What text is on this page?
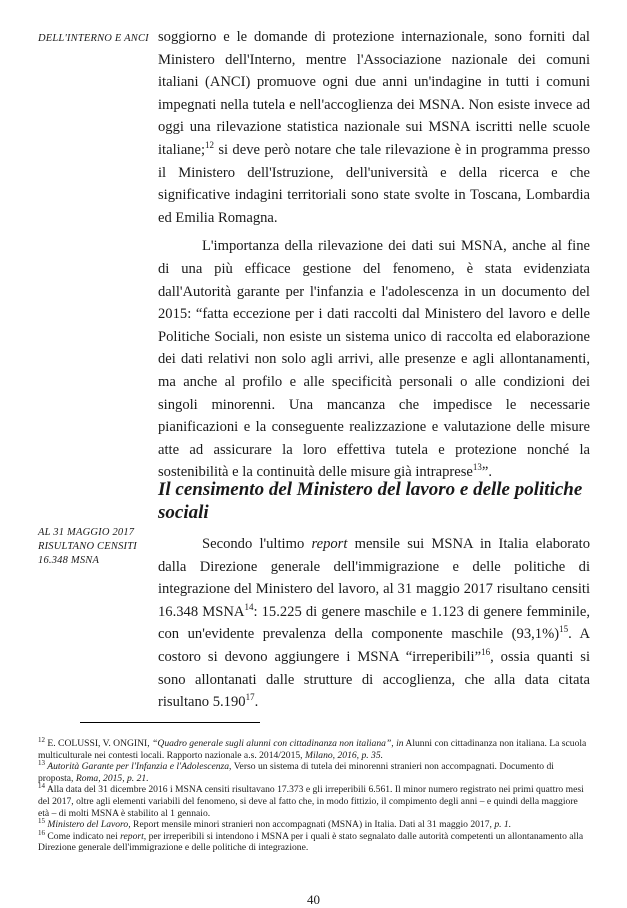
DELL'INTERNO E ANCI soggiorno e le domande di protezione internazionale, sono forniti dal Ministero dell'Interno, mentre l'Associazione nazionale dei comuni italiani (ANCI) promuove ogni due anni un'indagine in tutti i comuni impegnati nella tutela e nell'accoglienza dei MSNA. Non esiste invece ad oggi una rilevazione statistica nazionale sui MSNA iscritti nelle scuole italiane;$^{12}$ si deve però notare che tale rilevazione è in programma presso il Ministero dell'Istruzione, dell'università e della ricerca e che significative indagini territoriali sono state svolte in Toscana, Lombardia ed Emilia Romagna.

L'importanza della rilevazione dei dati sui MSNA, anche al fine di una più efficace gestione del fenomeno, è stata evidenziata dall'Autorità garante per l'infanzia e l'adolescenza in un documento del 2015: “fatta eccezione per i dati raccolti dal Ministero del lavoro e delle Politiche Sociali, non esiste un sistema unico di raccolta ed elaborazione dei dati relativi non solo agli arrivi, alle presenze e agli allontanamenti, ma anche al profilo e alle specificità personali o alle condizioni dei singoli minorenni. Una mancanza che impedisce le necessarie pianificazioni e la conseguente realizzazione e valutazione delle misure atte ad assicurare la loro effettiva tutela e protezione nonché la sostenibilità e la continuità delle misure già intraprese$^{13}$”.

Il censimento del Ministero del lavoro e delle politiche sociali
AL 31 MAGGIO 2017 RISULTANO CENSITI 16.348 MSNA

Secondo l'ultimo report mensile sui MSNA in Italia elaborato dalla Direzione generale dell'immigrazione e delle politiche di integrazione del Ministero del lavoro, al 31 maggio 2017 risultano censiti 16.348 MSNA$^{14}$: 15.225 di genere maschile e 1.123 di genere femminile, con un'evidente prevalenza della componente maschile $(93,1\%)^{15}$. A costoro si devono aggiungere i MSNA “irreperibili”$^{16}$, ossia quanti si sono allontanati dalle strutture di accoglienza, che alla data citata risultano 5.190$^{17}$.

$^{12}$ E. COLUSSI, V. ONGINI, “Quadro generale sugli alunni con cittadinanza non italiana”, in Alunni con cittadinanza non italiana. La scuola multiculturale nei contesti locali. Rapporto nazionale a.s. 2014/2015, Milano, 2016, p. 35.

$^{13}$ Autorità Garante per l'Infanzia e l'Adolescenza, Verso un sistema di tutela dei minorenni stranieri non accompagnati. Documento di proposta, Roma, 2015, p. 21.

$^{14}$ Alla data del 31 dicembre 2016 i MSNA censiti risultavano 17.373 e gli irreperibili 6.561. Il minor numero registrato nei primi quattro mesi del 2017, oltre agli elementi variabili del fenomeno, si deve al fatto che, in modo fittizio, il compimento degli anni – e quindi della maggiore età – di molti MSNA è stabilito al 1 gennaio.

$^{15}$ Ministero del Lavoro, Report mensile minori stranieri non accompagnati (MSNA) in Italia. Dati al 31 maggio 2017, p. 1.

$^{16}$ Come indicato nei report, per irreperibili si intendono i MSNA per i quali è stato segnalato dalle autorità competenti un allontanamento alla Direzione generale dell'immigrazione e delle politiche di integrazione.

40
